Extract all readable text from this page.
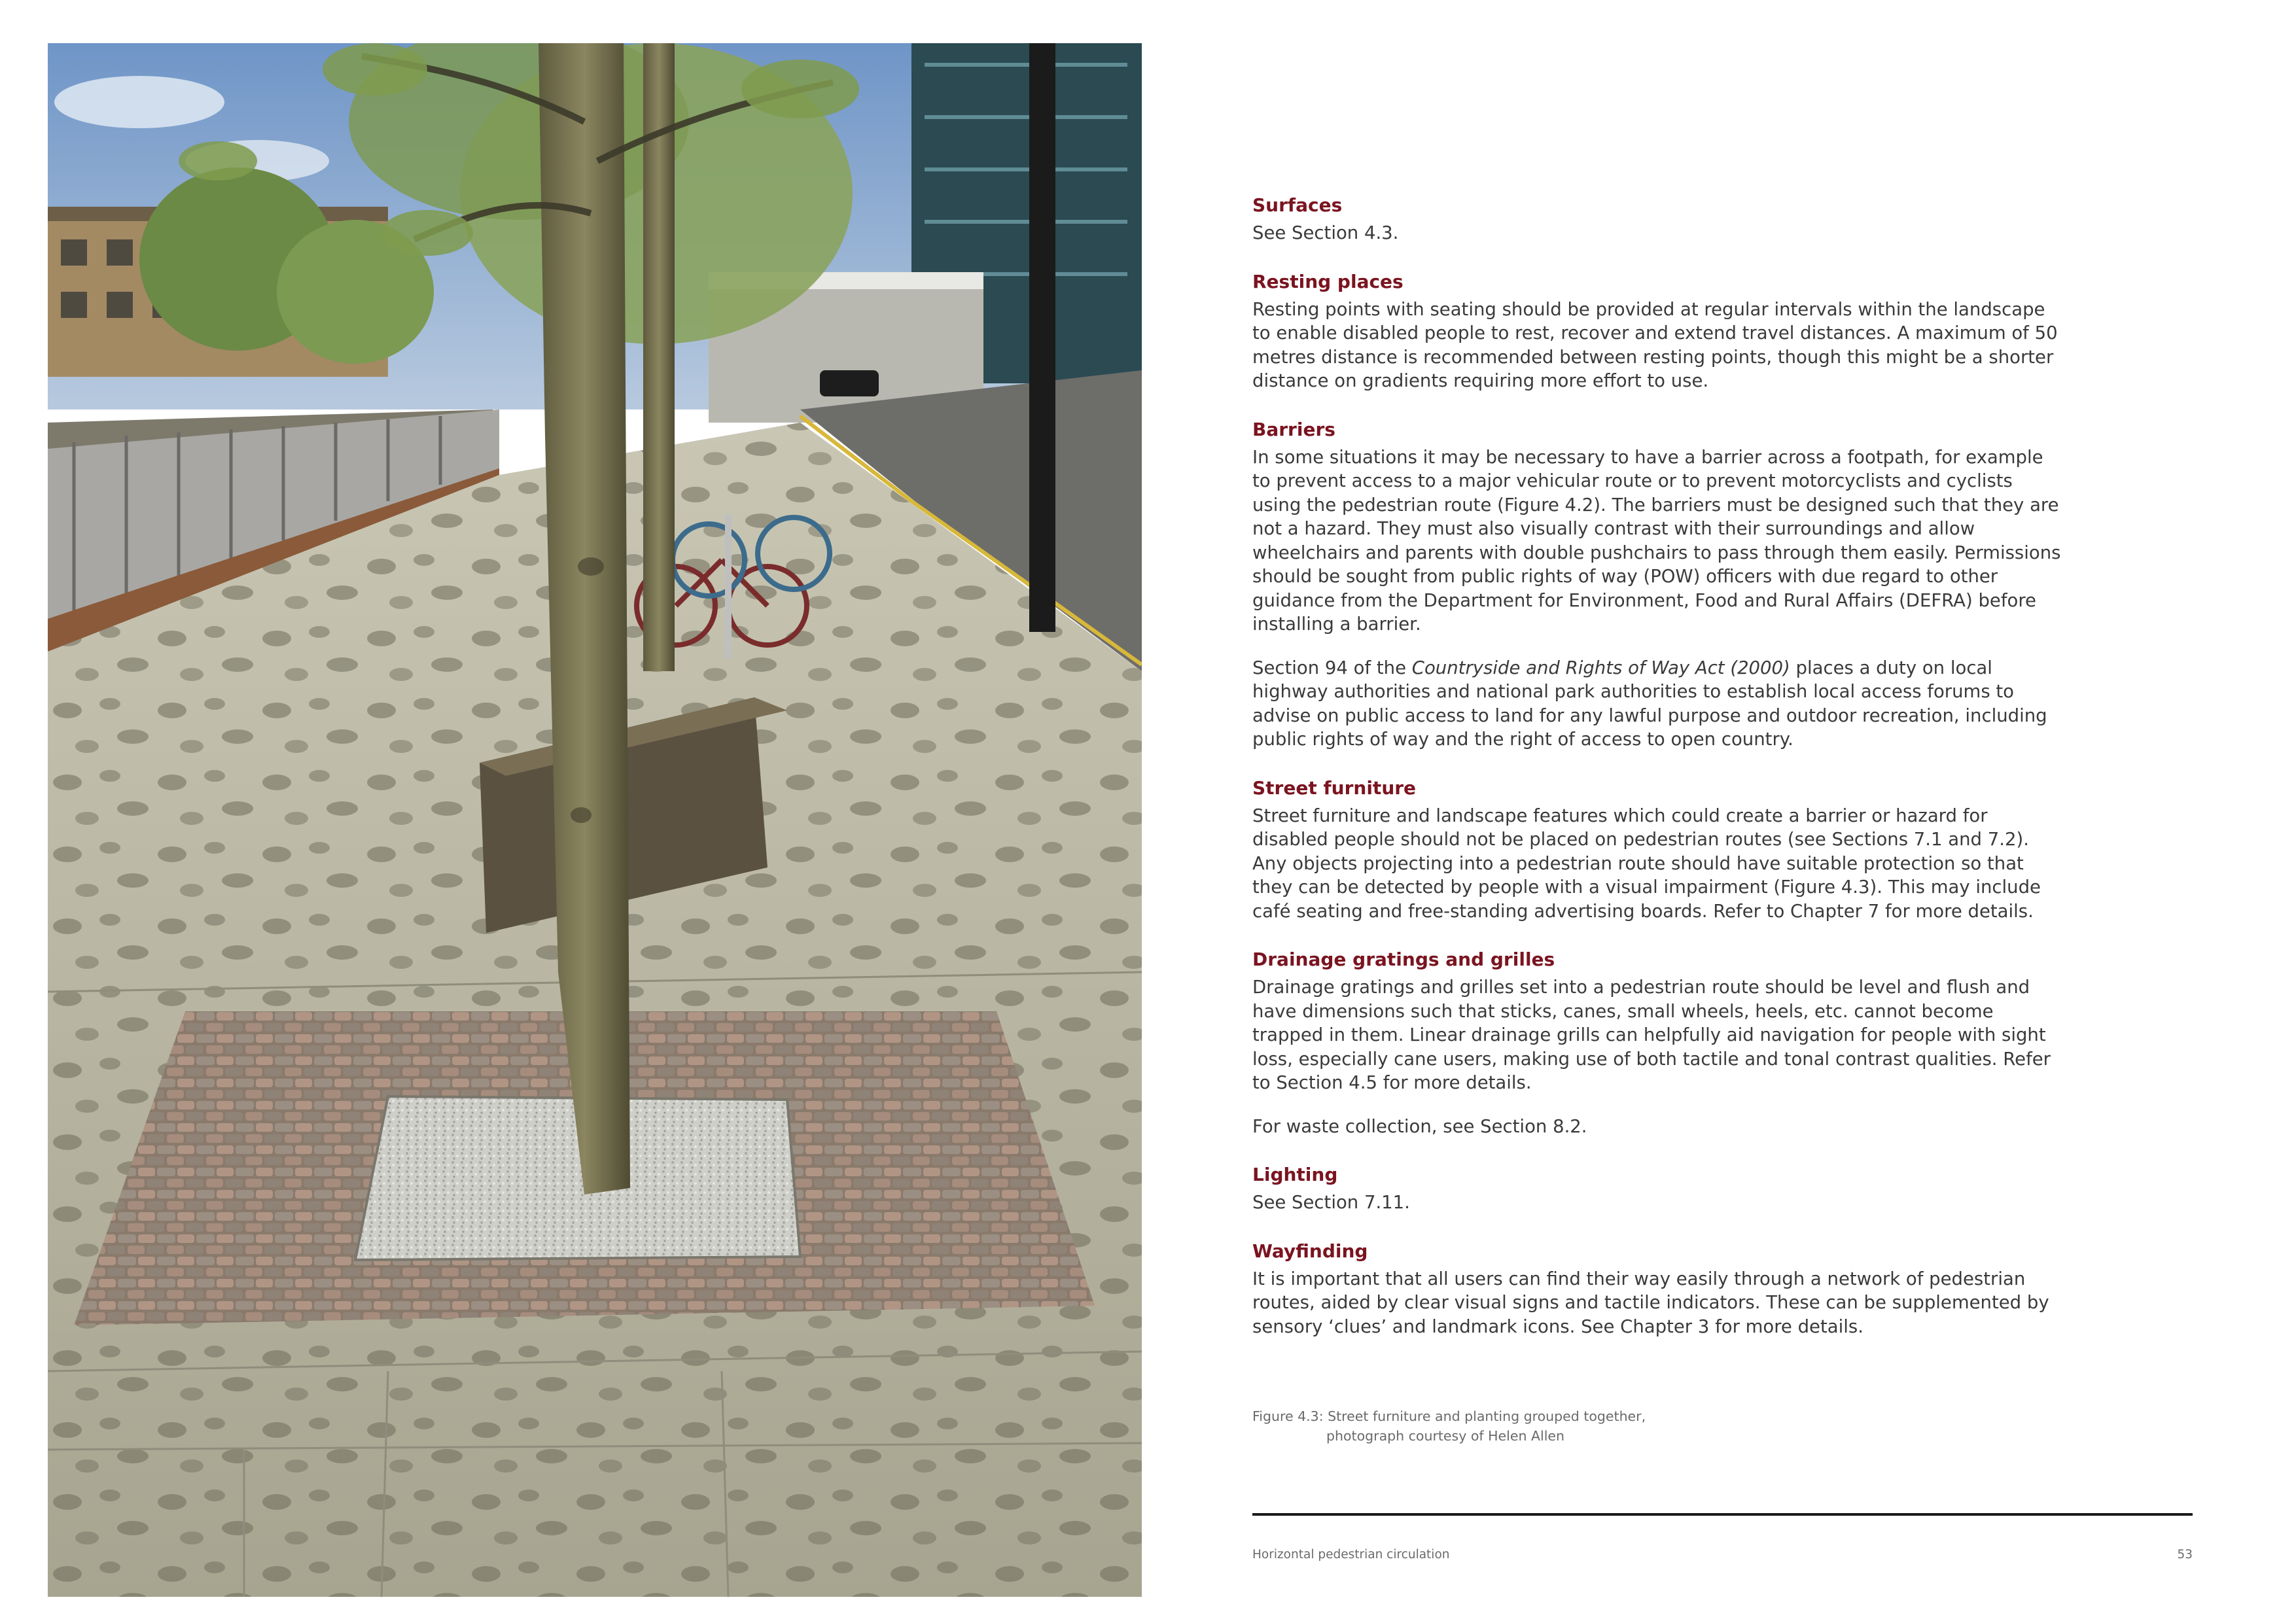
Surfaces

See Section 4.3.

Resting places

Resting points with seating should be provided at regular intervals within the landscape to enable disabled people to rest, recover and extend travel distances. A maximum of 50 metres distance is recommended between resting points, though this might be a shorter distance on gradients requiring more effort to use.

Barriers

In some situations it may be necessary to have a barrier across a footpath, for example to prevent access to a major vehicular route or to prevent motorcyclists and cyclists using the pedestrian route (Figure 4.2). The barriers must be designed such that they are not a hazard. They must also visually contrast with their surroundings and allow wheelchairs and parents with double pushchairs to pass through them easily. Permissions should be sought from public rights of way (POW) officers with due regard to other guidance from the Department for Environment, Food and Rural Affairs (DEFRA) before installing a barrier.

Section 94 of the Countryside and Rights of Way Act (2000) places a duty on local highway authorities and national park authorities to establish local access forums to advise on public access to land for any lawful purpose and outdoor recreation, including public rights of way and the right of access to open country.

Street furniture

Street furniture and landscape features which could create a barrier or hazard for disabled people should not be placed on pedestrian routes (see Sections 7.1 and 7.2). Any objects projecting into a pedestrian route should have suitable protection so that they can be detected by people with a visual impairment (Figure 4.3). This may include café seating and free-standing advertising boards. Refer to Chapter 7 for more details.

Drainage gratings and grilles

Drainage gratings and grilles set into a pedestrian route should be level and flush and have dimensions such that sticks, canes, small wheels, heels, etc. cannot become trapped in them. Linear drainage grills can helpfully aid navigation for people with sight loss, especially cane users, making use of both tactile and tonal contrast qualities. Refer to Section 4.5 for more details.

For waste collection, see Section 8.2.

Lighting

See Section 7.11.

Wayfinding

It is important that all users can find their way easily through a network of pedestrian routes, aided by clear visual signs and tactile indicators. These can be supplemented by sensory ‘clues’ and landmark icons. See Chapter 3 for more details.

Figure 4.3: Street furniture and planting grouped together,
photograph courtesy of Helen Allen
Horizontal pedestrian circulation	53
